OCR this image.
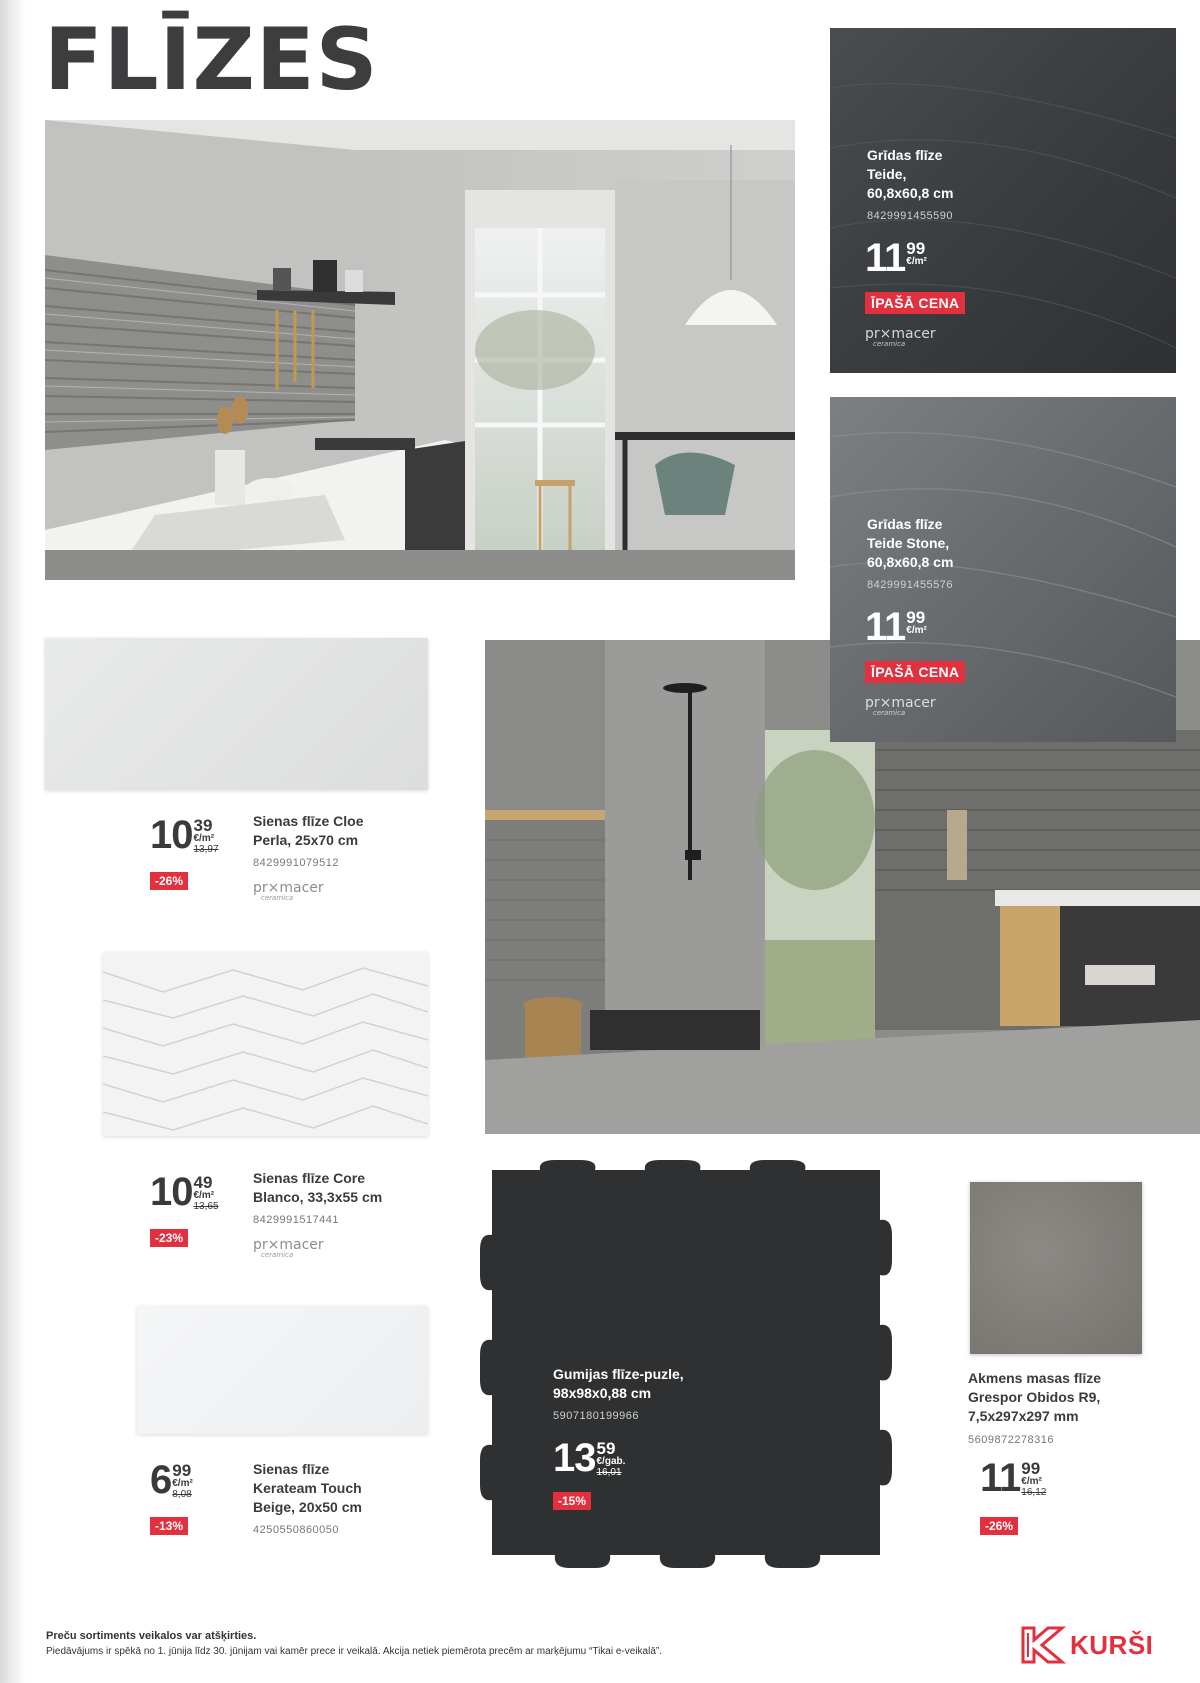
FLĪZES
Grīdas flīze
Teide,
60,8x60,8 cm
8429991455590
11 99
€/m²
ĪPAŠĀ CENA
pr⨯macer
ceramica
Grīdas flīze
Teide Stone,
60,8x60,8 cm
8429991455576
11 99
€/m²
ĪPAŠĀ CENA
pr⨯macer
ceramica
10 39
€/m²
13,97
-26%
Sienas flīze Cloe
Perla, 25x70 cm
8429991079512
pr⨯macer
ceramica
10 49
€/m²
13,65
-23%
Sienas flīze Core
Blanco, 33,3x55 cm
8429991517441
pr⨯macer
ceramica
6 99
€/m²
8,08
-13%
Sienas flīze
Kerateam Touch
Beige, 20x50 cm
4250550860050
Gumijas flīze-puzle,
98x98x0,88 cm
5907180199966
13 59
€/gab.
16,01
-15%
Akmens masas flīze
Grespor Obidos R9,
7,5x297x297 mm
5609872278316
11 99
€/m²
16,12
-26%
Preču sortiments veikalos var atšķirties.
Piedāvājums ir spēkā no 1. jūnija līdz 30. jūnijam vai kamēr prece ir veikalā. Akcija netiek piemērota precēm ar marķējumu “Tikai e-veikalā”.	KURŠI
